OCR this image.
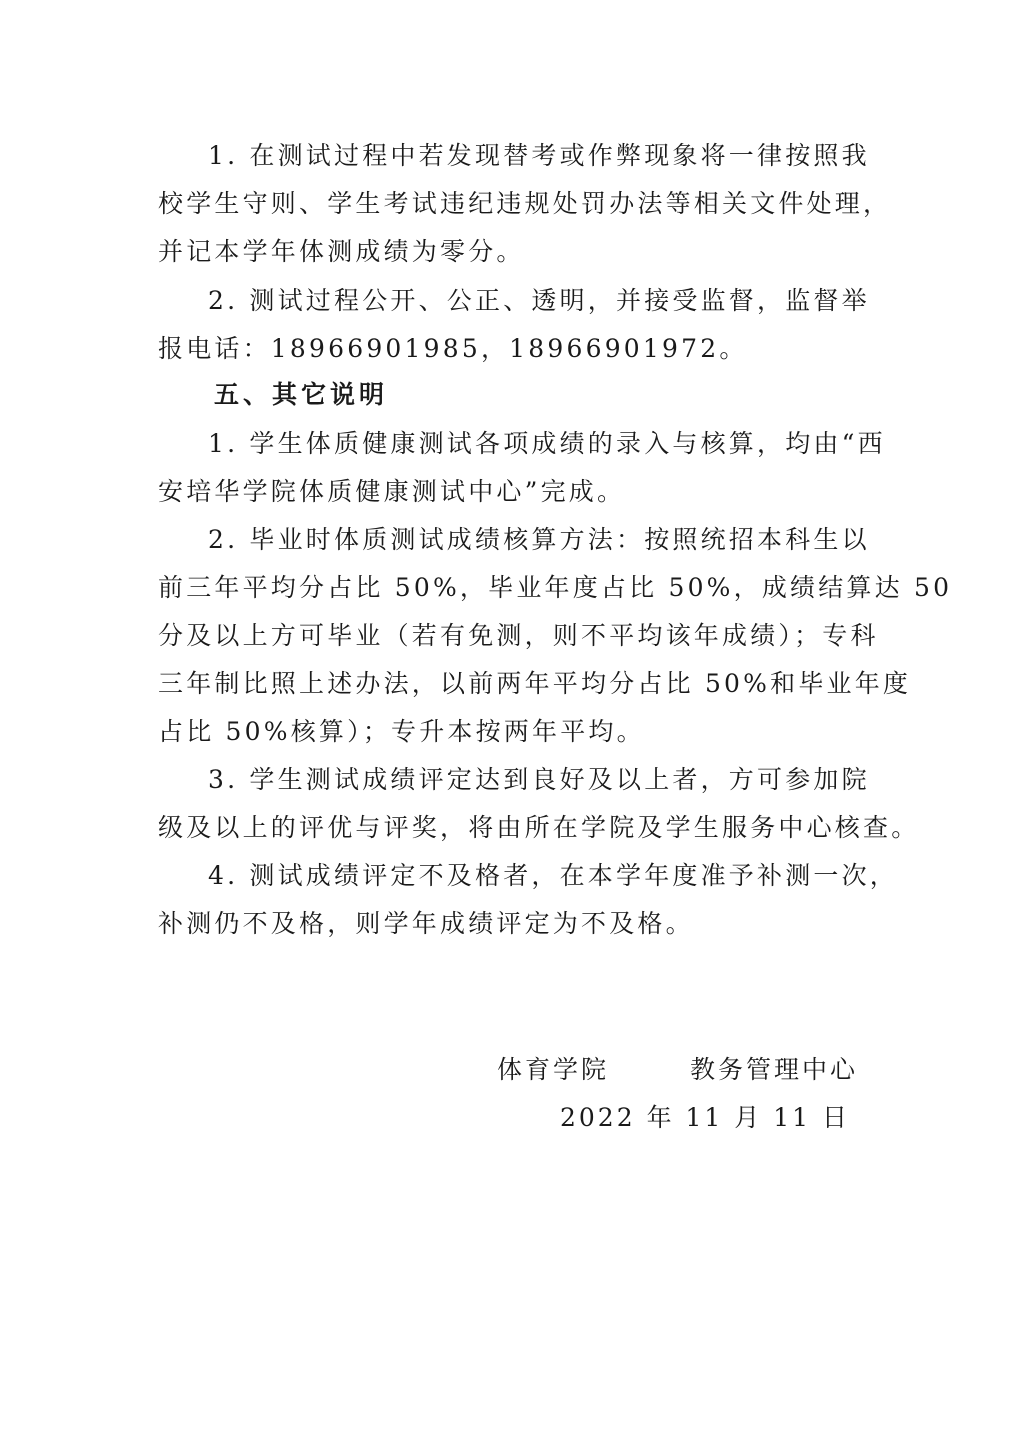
1. 在测试过程中若发现替考或作弊现象将一律按照我
校学生守则、学生考试违纪违规处罚办法等相关文件处理，
并记本学年体测成绩为零分。
2. 测试过程公开、公正、透明，并接受监督，监督举
报电话：18966901985，18966901972。
五、其它说明
1. 学生体质健康测试各项成绩的录入与核算，均由“西
安培华学院体质健康测试中心”完成。
2. 毕业时体质测试成绩核算方法：按照统招本科生以
前三年平均分占比 50%，毕业年度占比 50%，成绩结算达 50
分及以上方可毕业（若有免测，则不平均该年成绩）；专科
三年制比照上述办法，以前两年平均分占比 50%和毕业年度
占比 50%核算）；专升本按两年平均。
3. 学生测试成绩评定达到良好及以上者，方可参加院
级及以上的评优与评奖，将由所在学院及学生服务中心核查。
4. 测试成绩评定不及格者，在本学年度准予补测一次，
补测仍不及格，则学年成绩评定为不及格。
体育学院	教务管理中心
2022 年 11 月 11 日
